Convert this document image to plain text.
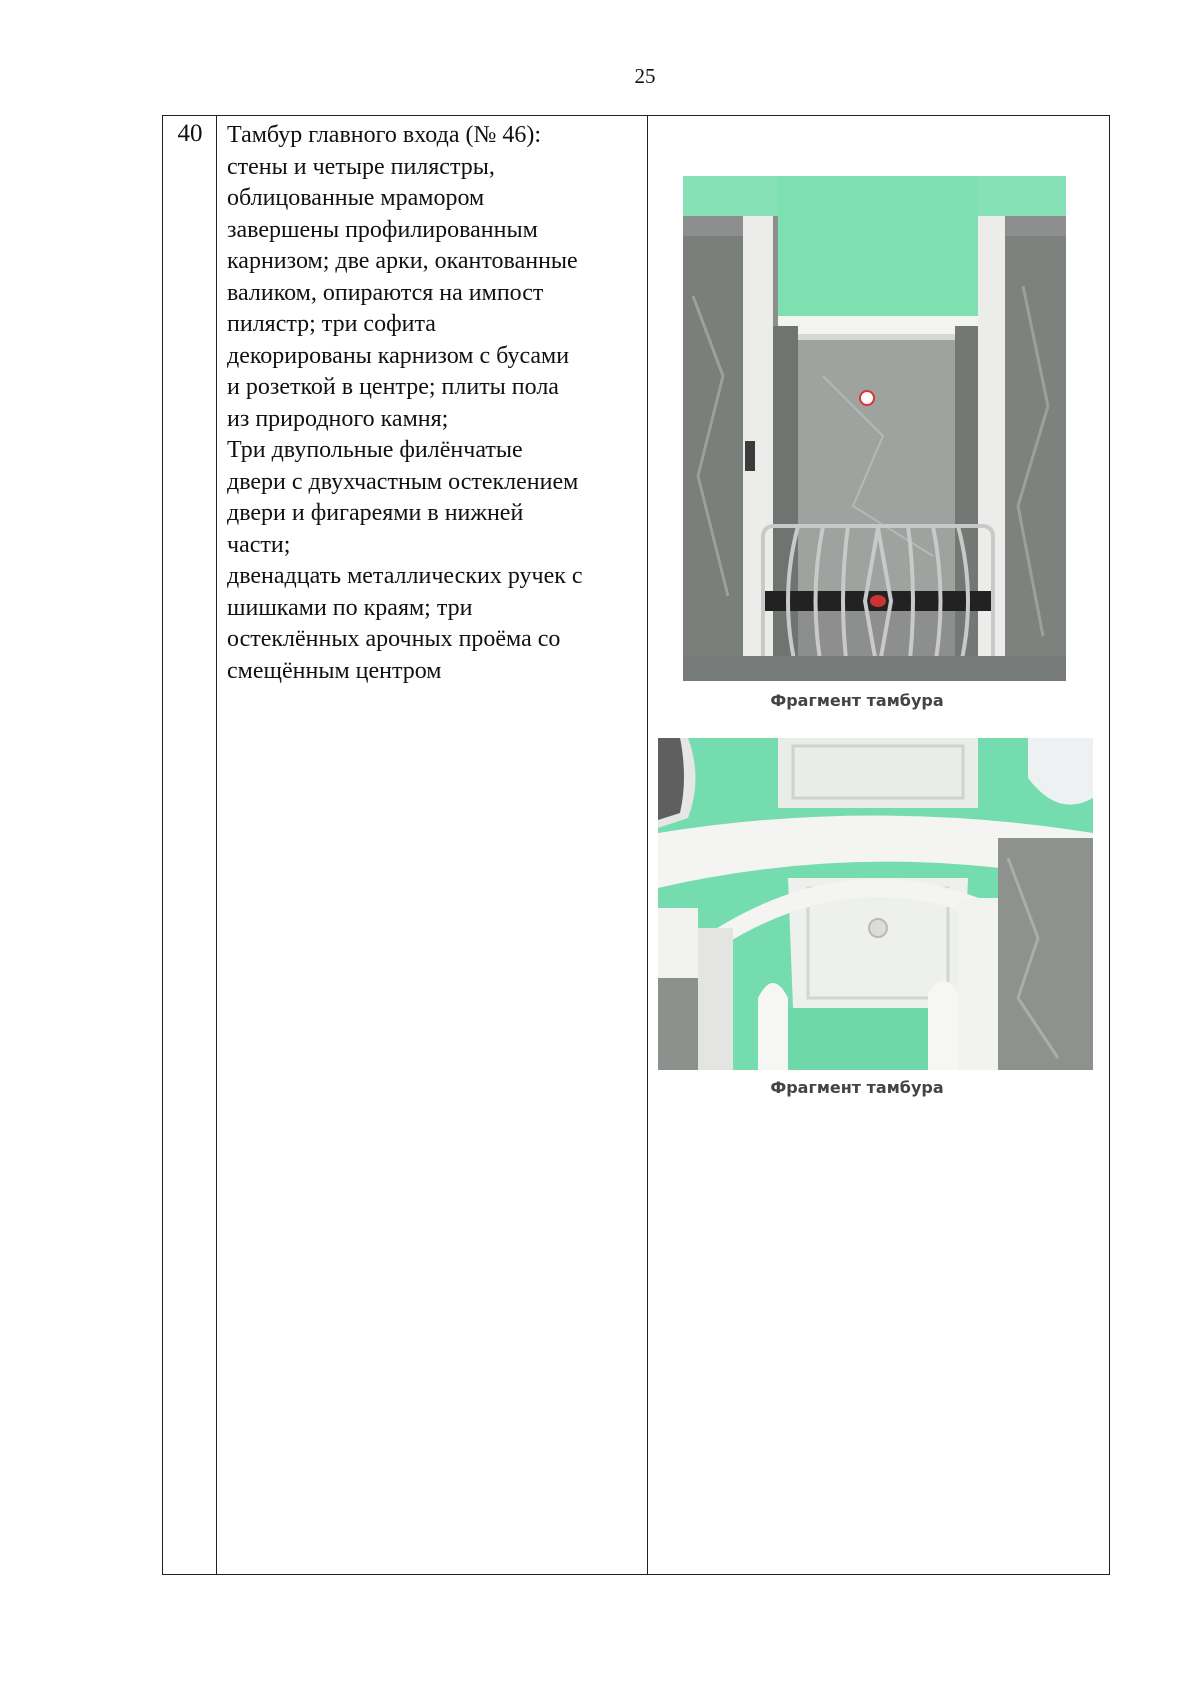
25
40	Тамбур главного входа (№ 46):
стены и четыре пилястры,
облицованные мрамором
завершены профилированным
карнизом; две арки, окантованные
валиком, опираются на импост
пилястр; три софита
декорированы карнизом с бусами
и розеткой в центре; плиты пола
из природного камня;
Три двупольные филёнчатые
двери с двухчастным остеклением
двери и фигареями в нижней
части;
двенадцать металлических ручек с
шишками по краям; три
остеклённых арочных проёма со
смещённым центром

Фрагмент тамбура
Фрагмент тамбура
